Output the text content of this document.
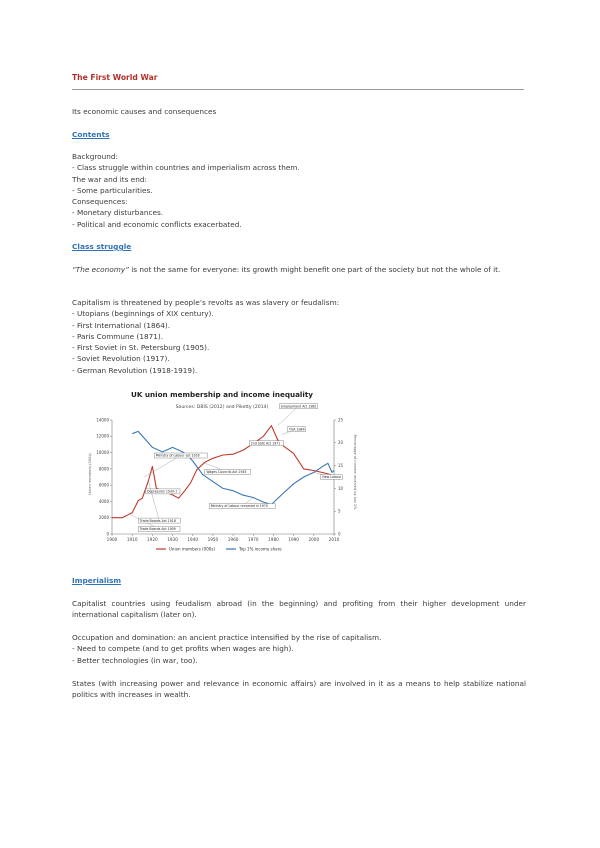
The First World War
Its economic causes and consequences
Contents
Background:
- Class struggle within countries and imperialism across them.
The war and its end:
- Some particularities.
Consequences:
- Monetary disturbances.
- Political and economic conflicts exacerbated.
Class struggle
“The economy” is not the same for everyone: its growth might benefit one part of the society but not the whole of it.
Capitalism is threatened by people’s revolts as was slavery or feudalism:
- Utopians (beginnings of XIX century).
- First International (1864).
- Paris Commune (1871).
- First Soviet in St. Petersburg (1905).
- Soviet Revolution (1917).
- German Revolution (1918-1919).
UK union membership and income inequality
Sources: DBIS (2012) and Piketty (2014)
Union members (000s)	Percentage of income received by top 1%
1900 1910 1920 1930 1940 1950 1960 1970 1980 1990 2000 2010
0
2000
4000
6000
8000
10000
12000
14000
0
5
10
15
20
25
Employment Act 1982
TUA 1984
2nd Safe Act 1971
Ministry of Labour est 1916
Depression 1930-1
Wages Councils Act 1945
Ministry of Labour renamed in 1970
Trade Boards Act 1909
Trade Boards Act 1918
New Labour
Union members (000s)	Top 1% income share
Imperialism
Capitalist countries using feudalism abroad (in the beginning) and profiting from their higher development under international capitalism (later on).
Occupation and domination: an ancient practice intensified by the rise of capitalism.
- Need to compete (and to get profits when wages are high).
- Better technologies (in war, too).
States (with increasing power and relevance in economic affairs) are involved in it as a means to help stabilize national politics with increases in wealth.
